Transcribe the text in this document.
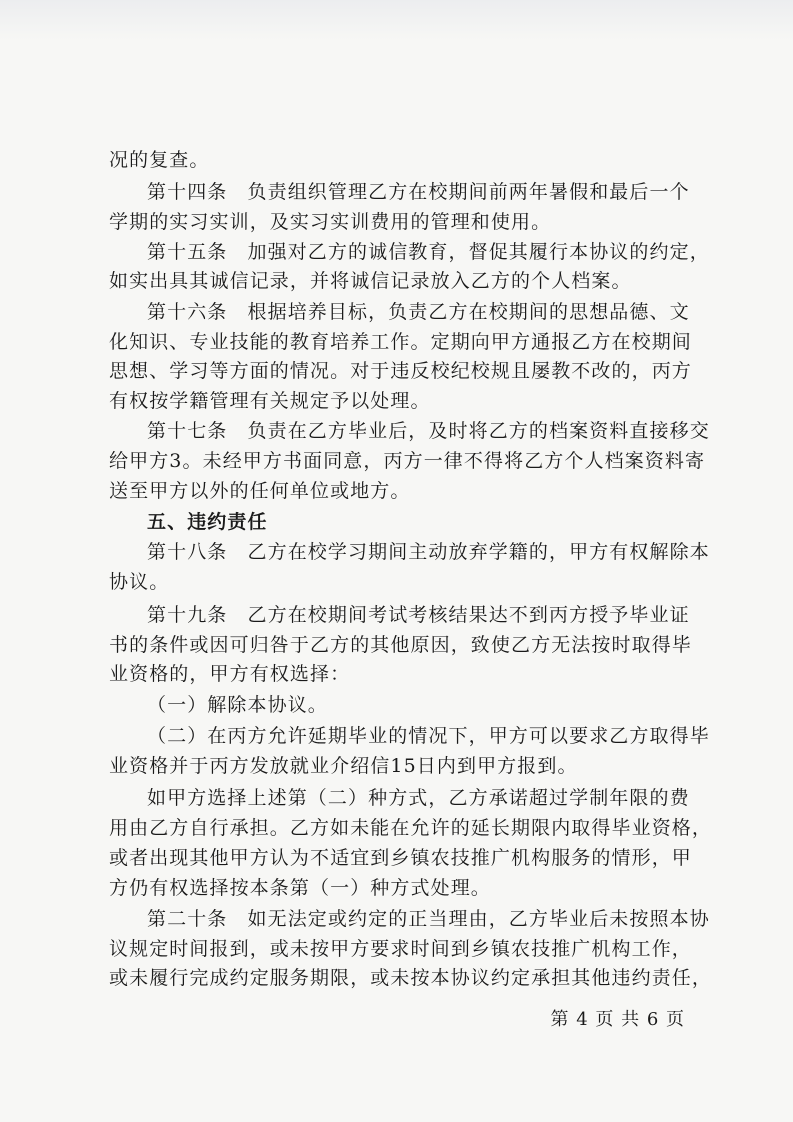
况的复查。
第十四条　负责组织管理乙方在校期间前两年暑假和最后一个
学期的实习实训，及实习实训费用的管理和使用。
第十五条　加强对乙方的诚信教育，督促其履行本协议的约定，
如实出具其诚信记录，并将诚信记录放入乙方的个人档案。
第十六条　根据培养目标，负责乙方在校期间的思想品德、文
化知识、专业技能的教育培养工作。定期向甲方通报乙方在校期间
思想、学习等方面的情况。对于违反校纪校规且屡教不改的，丙方
有权按学籍管理有关规定予以处理。
第十七条　负责在乙方毕业后，及时将乙方的档案资料直接移交
给甲方3。未经甲方书面同意，丙方一律不得将乙方个人档案资料寄
送至甲方以外的任何单位或地方。
五、违约责任
第十八条　乙方在校学习期间主动放弃学籍的，甲方有权解除本
协议。
第十九条　乙方在校期间考试考核结果达不到丙方授予毕业证
书的条件或因可归咎于乙方的其他原因，致使乙方无法按时取得毕
业资格的，甲方有权选择：
（一）解除本协议。
（二）在丙方允许延期毕业的情况下，甲方可以要求乙方取得毕
业资格并于丙方发放就业介绍信15日内到甲方报到。
如甲方选择上述第（二）种方式，乙方承诺超过学制年限的费
用由乙方自行承担。乙方如未能在允许的延长期限内取得毕业资格，
或者出现其他甲方认为不适宜到乡镇农技推广机构服务的情形，甲
方仍有权选择按本条第（一）种方式处理。
第二十条　如无法定或约定的正当理由，乙方毕业后未按照本协
议规定时间报到，或未按甲方要求时间到乡镇农技推广机构工作，
或未履行完成约定服务期限，或未按本协议约定承担其他违约责任，
第 4 页 共 6 页
